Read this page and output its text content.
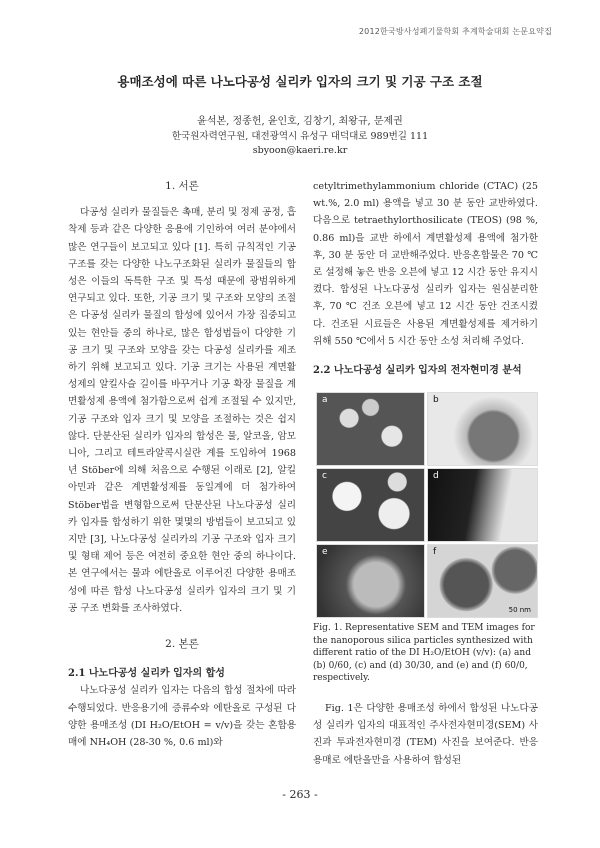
2012한국방사성폐기물학회 추계학술대회 논문요약집
용매조성에 따른 나노다공성 실리카 입자의 크기 및 기공 구조 조절
윤석본, 정종헌, 윤인호, 김창기, 최왕규, 문제권
한국원자력연구원, 대전광역시 유성구 대덕대로 989번길 111
sbyoon@kaeri.re.kr

1. 서론

다공성 실리카 물질들은 촉매, 분리 및 정제 공정, 흡착제 등과 같은 다양한 응용에 기인하여 여러 분야에서 많은 연구들이 보고되고 있다 [1]. 특히 규칙적인 기공 구조를 갖는 다양한 나노구조화된 실리카 물질들의 합성은 이들의 독특한 구조 및 특성 때문에 광범위하게 연구되고 있다. 또한, 기공 크기 및 구조와 모양의 조절은 다공성 실리카 물질의 합성에 있어서 가장 집중되고 있는 현안들 중의 하나로, 많은 합성법들이 다양한 기공 크기 및 구조와 모양을 갖는 다공성 실리카를 제조하기 위해 보고되고 있다. 기공 크기는 사용된 계면활성제의 알킬사슬 길이를 바꾸거나 기공 확장 물질을 계면활성제 용액에 첨가함으로써 쉽게 조절될 수 있지만, 기공 구조와 입자 크기 및 모양을 조절하는 것은 쉽지 않다. 단분산된 실리카 입자의 합성은 물, 알코올, 암모니아, 그리고 테트라알콕시실란 계를 도입하여 1968년 Stöber에 의해 처음으로 수행된 이래로 [2], 알킬 아민과 같은 계면활성제를 동일계에 더 첨가하여 Stöber법을 변형함으로써 단분산된 나노다공성 실리카 입자를 합성하기 위한 몇몇의 방법들이 보고되고 있지만 [3], 나노다공성 실리카의 기공 구조와 입자 크기 및 형태 제어 등은 여전히 중요한 현안 중의 하나이다. 본 연구에서는 물과 에탄올로 이루어진 다양한 용매조성에 따른 합성 나노다공성 실리카 입자의 크기 및 기공 구조 변화를 조사하였다.

2. 본론

2.1 나노다공성 실리카 입자의 합성

나노다공성 실리카 입자는 다음의 합성 절차에 따라 수행되었다. 반응용기에 증류수와 에탄올로 구성된 다양한 용매조성 (DI H₂O/EtOH = v/v)을 갖는 혼합용매에 NH₄OH (28-30 %, 0.6 ml)와

cetyltrimethylammonium chloride (CTAC) (25 wt.%, 2.0 ml) 용액을 넣고 30 분 동안 교반하였다. 다음으로 tetraethylorthosilicate (TEOS) (98 %, 0.86 ml)을 교반 하에서 계면활성제 용액에 첨가한 후, 30 분 동안 더 교반해주었다. 반응혼합물은 70 ℃로 설정해 놓은 반응 오븐에 넣고 12 시간 동안 유지시켰다. 합성된 나노다공성 실리카 입자는 원심분리한 후, 70 ℃ 건조 오븐에 넣고 12 시간 동안 건조시켰다. 건조된 시료들은 사용된 계면활성제를 제거하기 위해 550 ℃에서 5 시간 동안 소성 처리해 주었다.

2.2 나노다공성 실리카 입자의 전자현미경 분석

a	b
c	d
e	f
50 nm
Fig. 1. Representative SEM and TEM images for the nanoporous silica particles synthesized with different ratio of the DI H₂O/EtOH (v/v): (a) and (b) 0/60, (c) and (d) 30/30, and (e) and (f) 60/0, respectively.

Fig. 1은 다양한 용매조성 하에서 합성된 나노다공성 실리카 입자의 대표적인 주사전자현미경(SEM) 사진과 투과전자현미경 (TEM) 사진을 보여준다. 반응용매로 에탄올만을 사용하여 합성된

- 263 -
